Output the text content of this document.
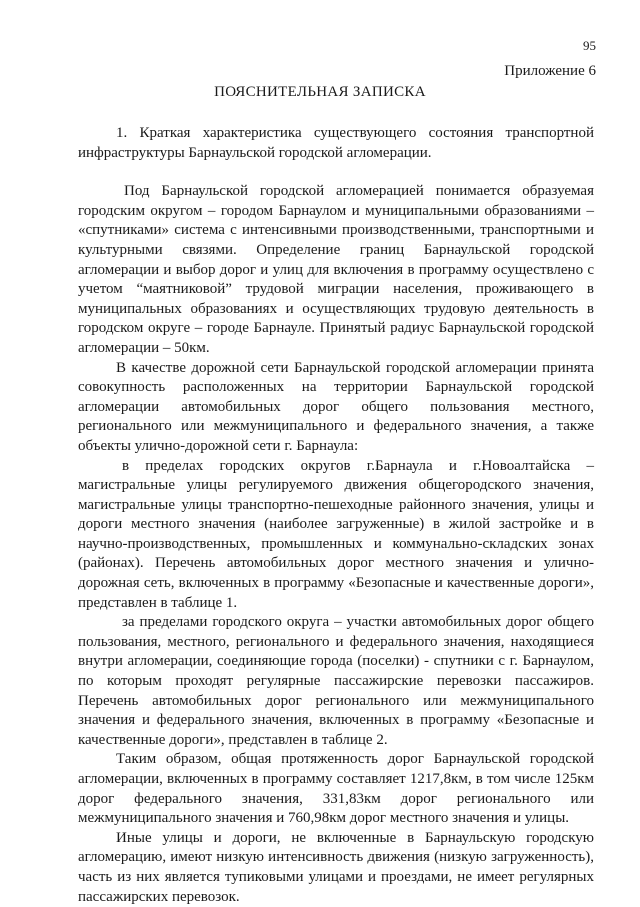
95
Приложение 6
ПОЯСНИТЕЛЬНАЯ ЗАПИСКА

1. Краткая характеристика существующего состояния транспортной инфраструктуры Барнаульской городской агломерации.

Под Барнаульской городской агломерацией понимается образуемая городским округом – городом Барнаулом и муниципальными образованиями – «спутниками» система с интенсивными производственными, транспортными и культурными связями. Определение границ Барнаульской городской агломерации и выбор дорог и улиц для включения в программу осуществлено с учетом “маятниковой” трудовой миграции населения, проживающего в муниципальных образованиях и осуществляющих трудовую деятельность в городском округе – городе Барнауле. Принятый радиус Барнаульской городской агломерации – 50км.

В качестве дорожной сети Барнаульской городской агломерации принята совокупность расположенных на территории Барнаульской городской агломерации автомобильных дорог общего пользования местного, регионального или межмуниципального и федерального значения, а также объекты улично-дорожной сети г. Барнаула:

в пределах городских округов г.Барнаула и г.Новоалтайска – магистральные улицы регулируемого движения общегородского значения, магистральные улицы транспортно-пешеходные районного значения, улицы и дороги местного значения (наиболее загруженные) в жилой застройке и в научно-производственных, промышленных и коммунально-складских зонах (районах). Перечень автомобильных дорог местного значения и улично-дорожная сеть, включенных в программу «Безопасные и качественные дороги», представлен в таблице 1.

за пределами городского округа – участки автомобильных дорог общего пользования, местного, регионального и федерального значения, находящиеся внутри агломерации, соединяющие города (поселки) - спутники с г. Барнаулом, по которым проходят регулярные пассажирские перевозки пассажиров. Перечень автомобильных дорог регионального или межмуниципального значения и федерального значения, включенных в программу «Безопасные и качественные дороги», представлен в таблице 2.

Таким образом, общая протяженность дорог Барнаульской городской агломерации, включенных в программу составляет 1217,8км, в том числе 125км дорог федерального значения, 331,83км дорог регионального или межмуниципального значения и 760,98км дорог местного значения и улицы.

Иные улицы и дороги, не включенные в Барнаульскую городскую агломерацию, имеют низкую интенсивность движения (низкую загруженность), часть из них является тупиковыми улицами и проездами, не имеет регулярных пассажирских перевозок.
